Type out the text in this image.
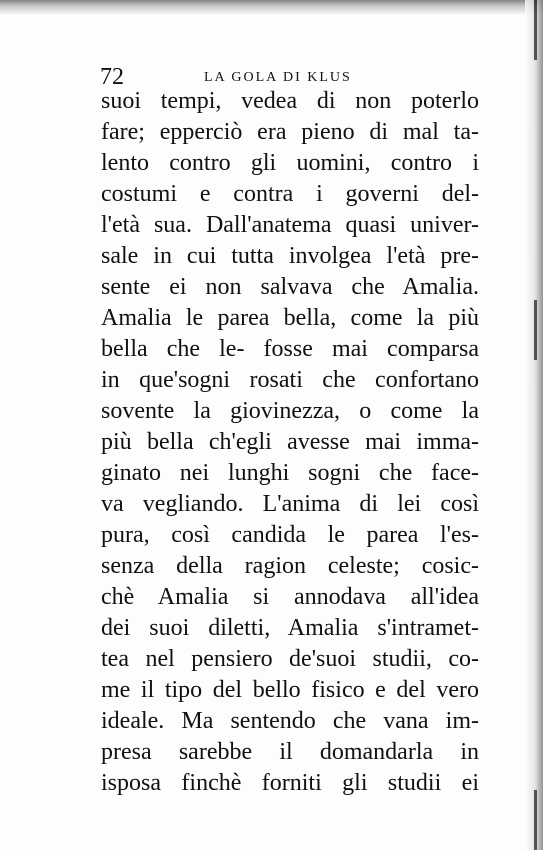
72	LA GOLA DI KLUS
suoi tempi, vedea di non poterlo
fare; epperciò era pieno di mal ta-
lento contro gli uomini, contro i
costumi e contra i governi del-
l'età sua. Dall'anatema quasi univer-
sale in cui tutta involgea l'età pre-
sente ei non salvava che Amalia.
Amalia le parea bella, come la più
bella che le- fosse mai comparsa
in que'sogni rosati che confortano
sovente la giovinezza, o come la
più bella ch'egli avesse mai imma-
ginato nei lunghi sogni che face-
va vegliando. L'anima di lei così
pura, così candida le parea l'es-
senza della ragion celeste; cosic-
chè Amalia si annodava all'idea
dei suoi diletti, Amalia s'intramet-
tea nel pensiero de'suoi studii, co-
me il tipo del bello fisico e del vero
ideale. Ma sentendo che vana im-
presa sarebbe il domandarla in
isposa finchè forniti gli studii ei
